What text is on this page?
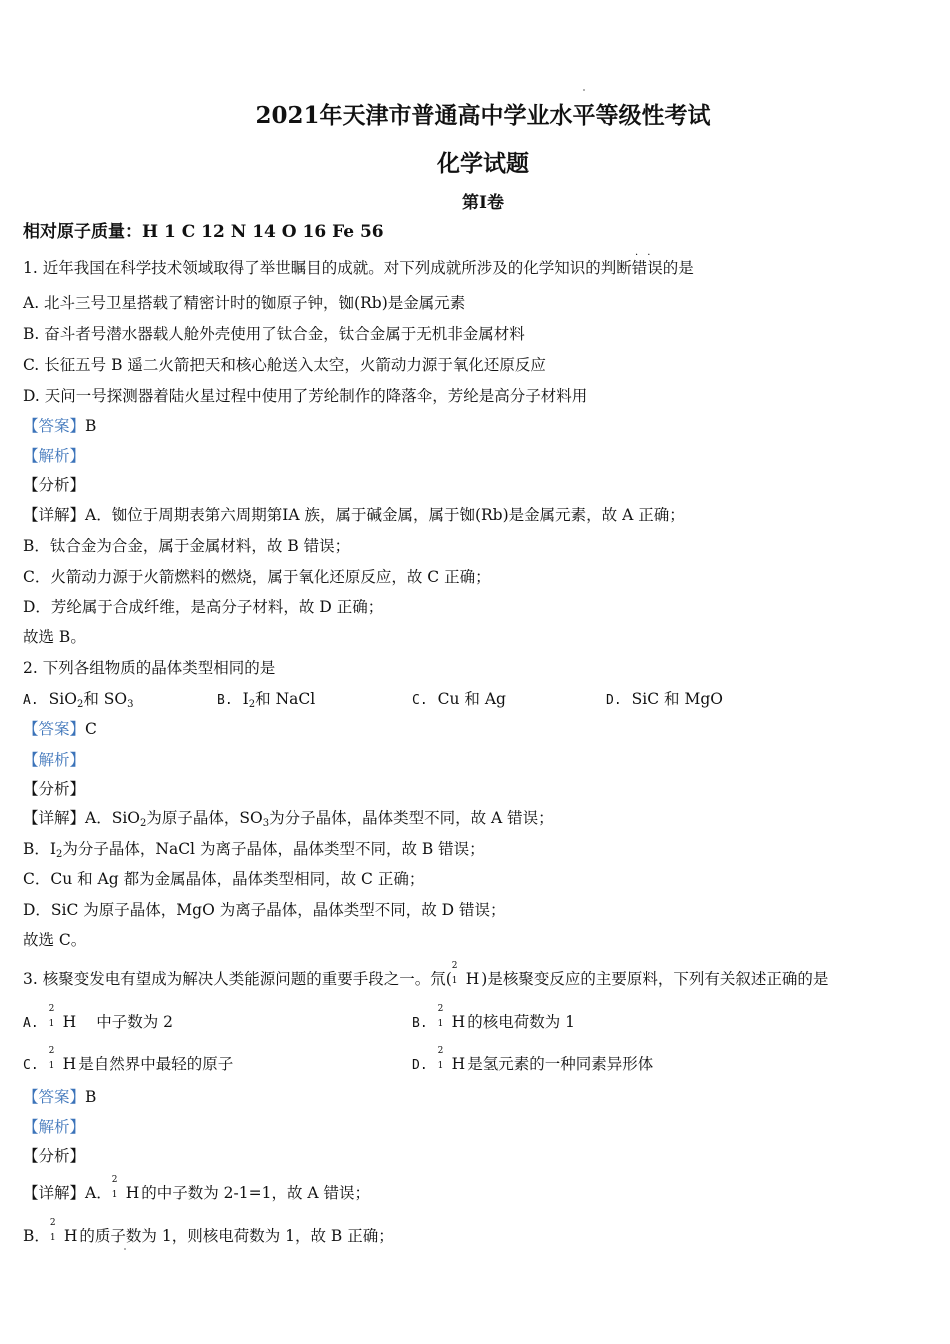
2021年天津市普通高中学业水平等级性考试
化学试题
第Ⅰ卷
相对原子质量：H 1 C 12 N 14 O 16 Fe 56
1. 近年我国在科学技术领域取得了举世瞩目的成就。对下列成就所涉及的化学知识的判断
··
错误的是
A. 北斗三号卫星搭载了精密计时的铷原子钟，铷(Rb)是金属元素
B. 奋斗者号潜水器载人舱外壳使用了钛合金，钛合金属于无机非金属材料
C. 长征五号 B 遥二火箭把天和核心舱送入太空，火箭动力源于氧化还原反应
D. 天问一号探测器着陆火星过程中使用了芳纶制作的降落伞，芳纶是高分子材料用
【答案】B
【解析】
【分析】
【详解】A．铷位于周期表第六周期第ⅠA 族，属于碱金属，属于铷(Rb)是金属元素，故 A 正确；
B．钛合金为合金，属于金属材料，故 B 错误；
C．火箭动力源于火箭燃料的燃烧，属于氧化还原反应，故 C 正确；
D．芳纶属于合成纤维，是高分子材料，故 D 正确；
故选 B。
2. 下列各组物质的晶体类型相同的是
A. SiO$_2$和 $SO_3$	B. $I_2$和 NaCl	C. Cu 和 Ag	D. SiC 和 MgO
【答案】C
【解析】
【分析】
【详解】A．SiO$_2$为原子晶体，$SO_3$为分子晶体，晶体类型不同，故 A 错误；
B．$I_2$为分子晶体，NaCl 为离子晶体，晶体类型不同，故 B 错误；
C．Cu 和 Ag 都为金属晶体，晶体类型相同，故 C 正确；
D．SiC 为原子晶体，MgO 为离子晶体，晶体类型不同，故 D 错误；
故选 C。
3. 核聚变发电有望成为解决人类能源问题的重要手段之一。氘(
2
1 H )是核聚变反应的主要原料，下列有关叙述正确的是
A.
2
1 H 中子数为 2	B.
2
1 H 的核电荷数为 1
C.
2
1 H 是自然界中最轻的原子	D.
2
1 H 是氢元素的一种同素异形体
【答案】B
【解析】
【分析】
【详解】A．
2
1 H 的中子数为 2-1=1，故 A 错误；
B．
2
1 H 的质子数为 1，则核电荷数为 1，故 B 正确；
